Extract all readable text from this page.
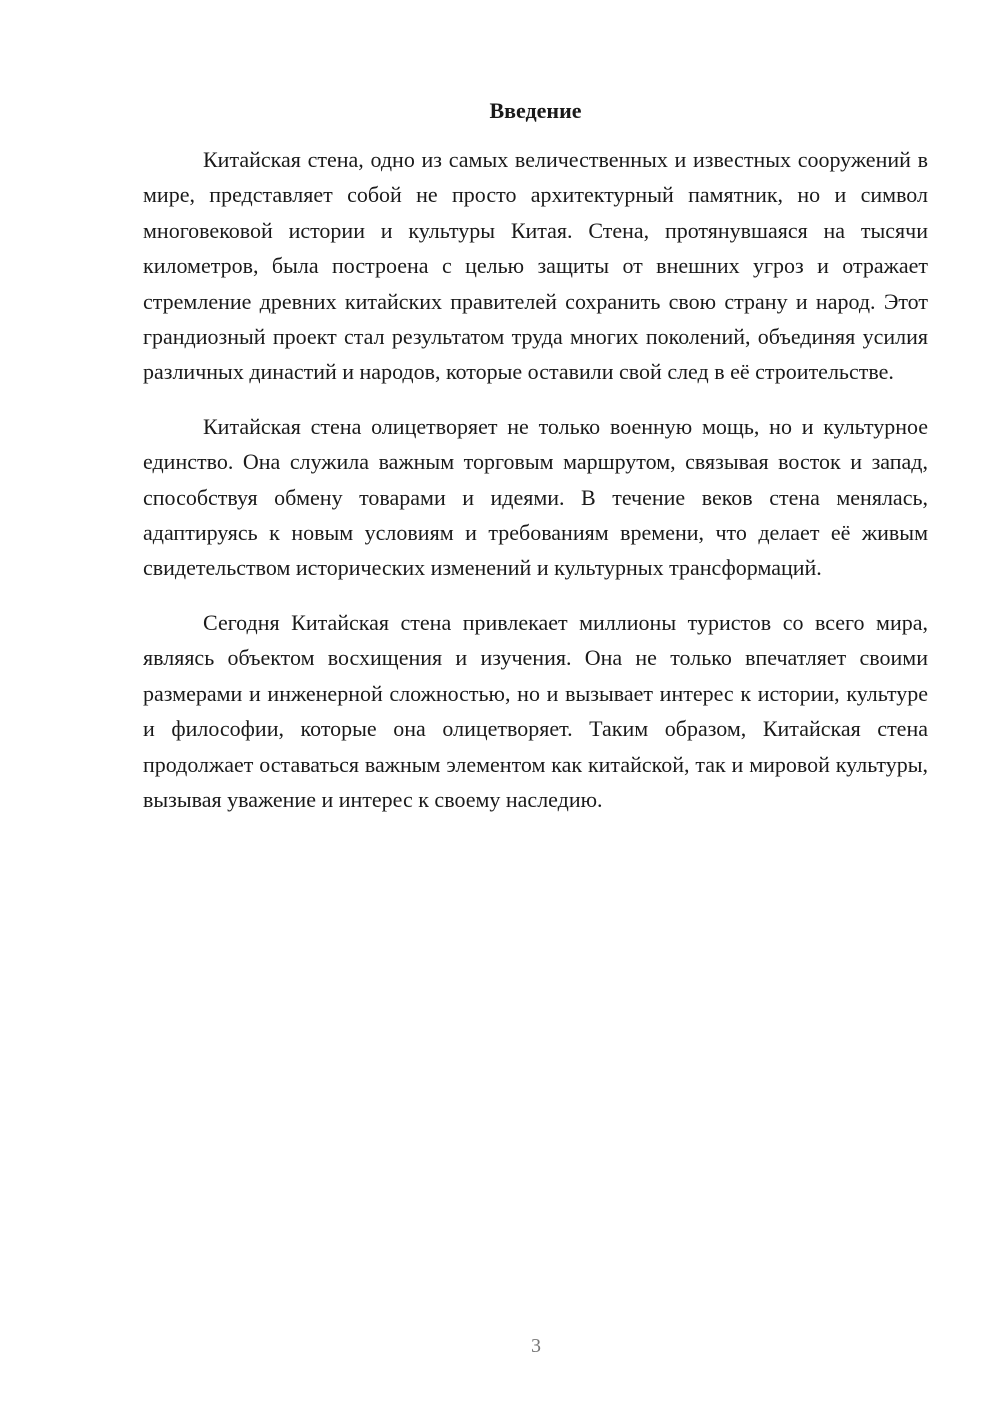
Введение

Китайская стена, одно из самых величественных и известных сооружений в мире, представляет собой не просто архитектурный памятник, но и символ многовековой истории и культуры Китая. Стена, протянувшаяся на тысячи километров, была построена с целью защиты от внешних угроз и отражает стремление древних китайских правителей сохранить свою страну и народ. Этот грандиозный проект стал результатом труда многих поколений, объединяя усилия различных династий и народов, которые оставили свой след в её строительстве.

Китайская стена олицетворяет не только военную мощь, но и культурное единство. Она служила важным торговым маршрутом, связывая восток и запад, способствуя обмену товарами и идеями. В течение веков стена менялась, адаптируясь к новым условиям и требованиям времени, что делает её живым свидетельством исторических изменений и культурных трансформаций.

Сегодня Китайская стена привлекает миллионы туристов со всего мира, являясь объектом восхищения и изучения. Она не только впечатляет своими размерами и инженерной сложностью, но и вызывает интерес к истории, культуре и философии, которые она олицетворяет. Таким образом, Китайская стена продолжает оставаться важным элементом как китайской, так и мировой культуры, вызывая уважение и интерес к своему наследию.

3
